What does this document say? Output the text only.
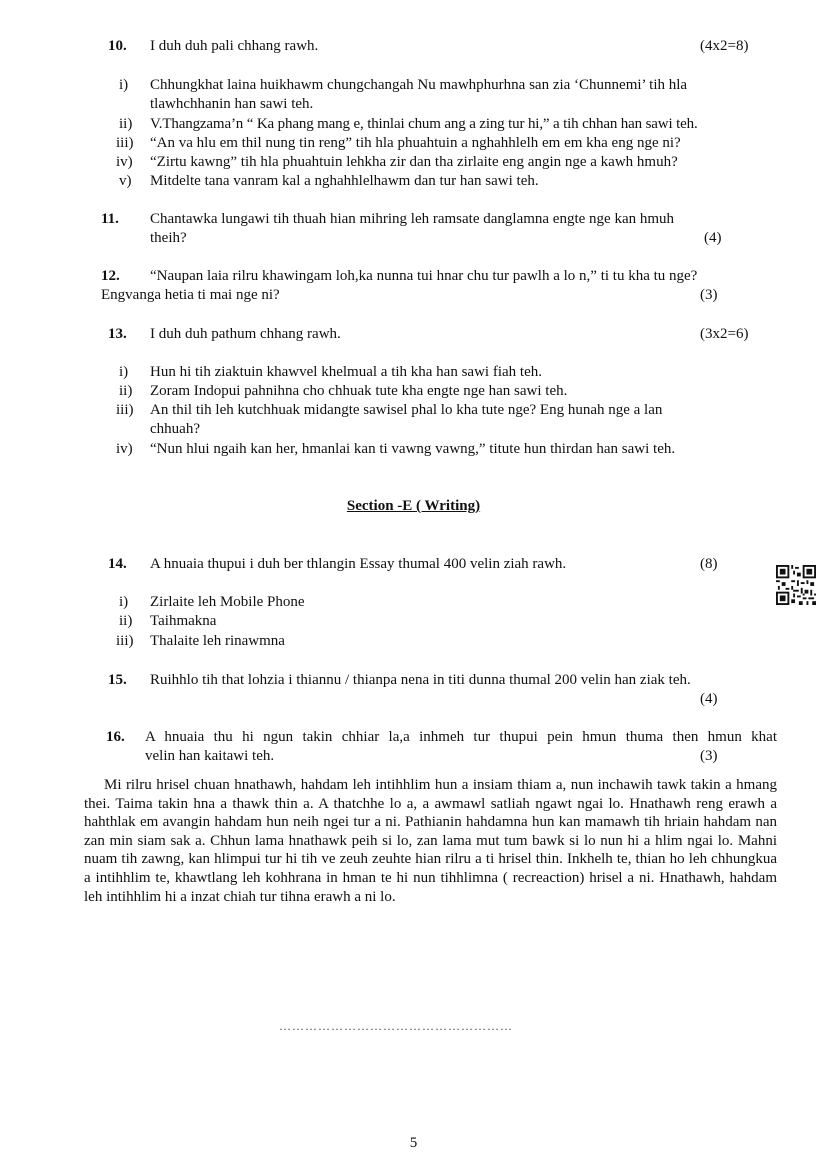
10. I duh duh pali chhang rawh.	(4x2=8)
i) Chhungkhat laina huikhawm chungchangah Nu mawhphurhna san zia ‘Chunnemi’ tih hla
tlawhchhanin han sawi teh.
ii) V.Thangzama’n “ Ka phang mang e, thinlai chum ang a zing tur hi,” a tih chhan han sawi teh.
iii) “An va hlu em thil nung tin reng” tih hla phuahtuin a nghahhlelh em em kha eng nge ni?
iv) “Zirtu kawng” tih hla phuahtuin lehkha zir dan tha zirlaite eng angin nge a kawh hmuh?
v) Mitdelte tana vanram kal a nghahhlelhawm dan tur han sawi teh.
11. Chantawka lungawi tih thuah hian mihring leh ramsate danglamna engte nge kan hmuh
theih?	(4)
12. “Naupan laia rilru khawingam loh,ka nunna tui hnar chu tur pawlh a lo n,” ti tu kha tu nge?
Engvanga hetia ti mai nge ni?	(3)
13. I duh duh pathum chhang rawh.	(3x2=6)
i) Hun hi tih ziaktuin khawvel khelmual a tih kha han sawi fiah teh.
ii) Zoram Indopui pahnihna cho chhuak tute kha engte nge han sawi teh.
iii) An thil tih leh kutchhuak midangte sawisel phal lo kha tute nge? Eng hunah nge a lan
chhuah?
iv) “Nun hlui ngaih kan her, hmanlai kan ti vawng vawng,” titute hun thirdan han sawi teh.
Section -E ( Writing)
14. A hnuaia thupui i duh ber thlangin Essay thumal 400 velin ziah rawh.	(8)
i) Zirlaite leh Mobile Phone
ii) Taihmakna
iii) Thalaite leh rinawmna
15. Ruihhlo tih that lohzia i thiannu / thianpa nena in titi dunna thumal 200 velin han ziak teh.
(4)
16. A hnuaia thu hi ngun takin chhiar la,a inhmeh tur thupui pein hmun thuma then hmun khat
velin han kaitawi teh.	(3)
Mi rilru hrisel chuan hnathawh, hahdam leh intihhlim hun a insiam thiam a, nun inchawih tawk takin a hmang thei. Taima takin hna a thawk thin a. A thatchhe lo a, a awmawl satliah ngawt ngai lo. Hnathawh reng erawh a hahthlak em avangin hahdam hun neih ngei tur a ni. Pathianin hahdamna hun kan mamawh tih hriain hahdam nan zan min siam sak a. Chhun lama hnathawk peih si lo, zan lama mut tum bawk si lo nun hi a hlim ngai lo. Mahni nuam tih zawng, kan hlimpui tur hi tih ve zeuh zeuhte hian rilru a ti hrisel thin. Inkhelh te, thian ho leh chhungkua a intihhlim te, khawtlang leh kohhrana in hman te hi nun tihhlimna ( recreaction) hrisel a ni. Hnathawh, hahdam leh intihhlim hi a inzat chiah tur tihna erawh a ni lo.
………………………………………………
5
